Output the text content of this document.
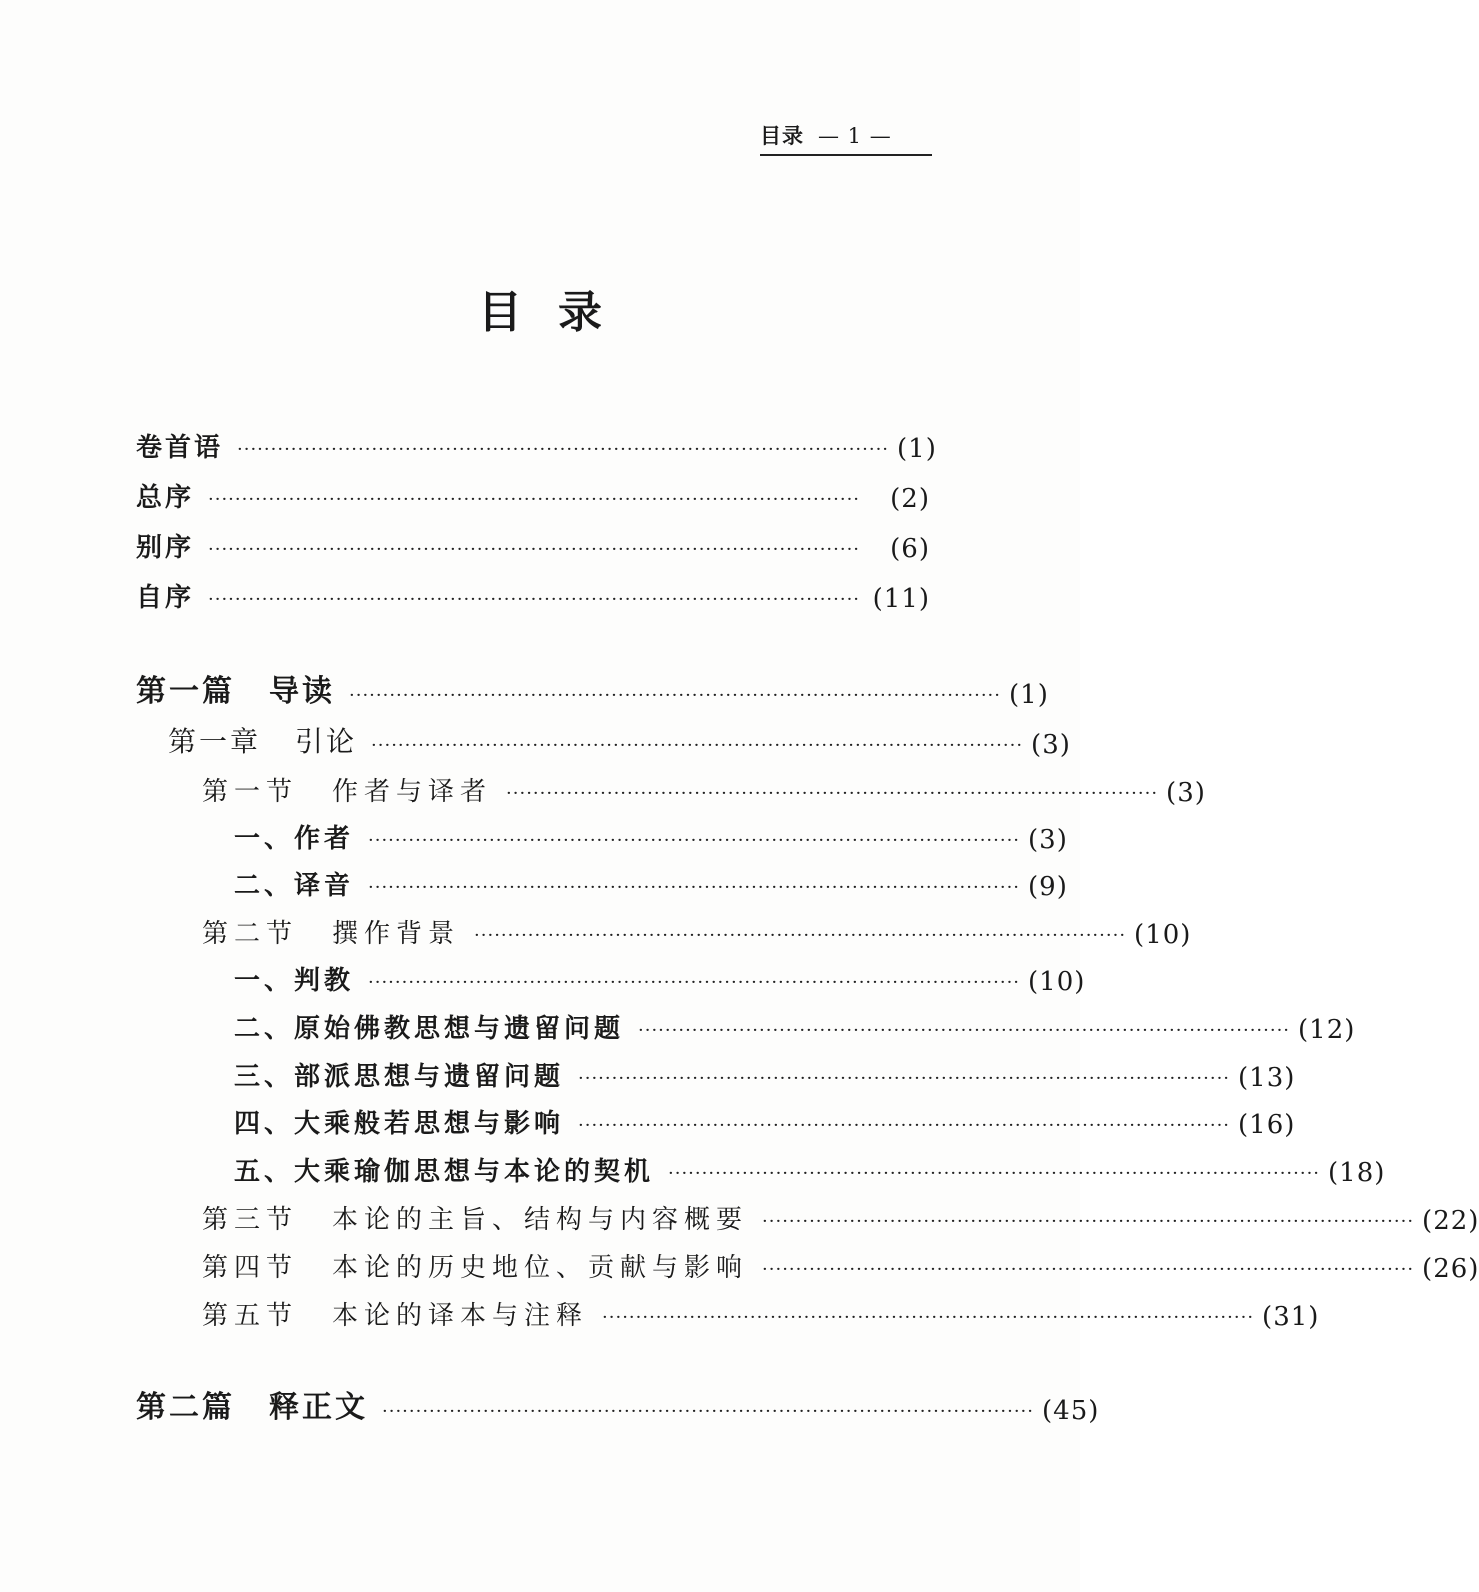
目录 — 1 —
目录
卷首语 ································································································· (1)
总序 ·································································································	(2)
别序 ·································································································	(6)
自序 ································································································· (11)
第一篇 导读 ································································································· (1)
第一章 引论 ································································································· (3)
第一节 作者与译者 ································································································· (3)
一、作者 ································································································· (3)
二、译音 ································································································· (9)
第二节 撰作背景 ································································································· (10)
一、判教 ································································································· (10)
二、原始佛教思想与遗留问题 ································································································· (12)
三、部派思想与遗留问题 ································································································· (13)
四、大乘般若思想与影响 ································································································· (16)
五、大乘瑜伽思想与本论的契机 ································································································· (18)
第三节 本论的主旨、结构与内容概要 ································································································· (22)
第四节 本论的历史地位、贡献与影响 ································································································· (26)
第五节 本论的译本与注释 ································································································· (31)
第二篇 释正文 ································································································· (45)
